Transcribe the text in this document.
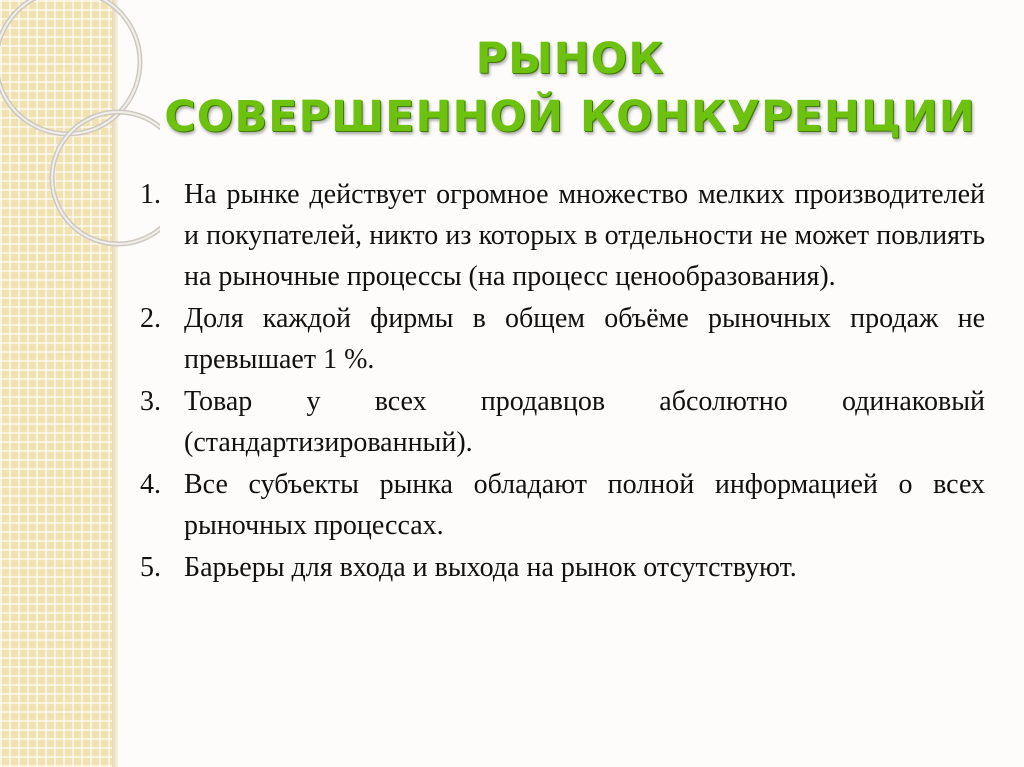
РЫНОК
СОВЕРШЕННОЙ КОНКУРЕНЦИИ
1. На рынке действует огромное множество мелких производителей и покупателей, никто из которых в отдельности не может повлиять на рыночные процессы (на процесс ценообразования).
2. Доля каждой фирмы в общем объёме рыночных продаж не превышает 1 %.
3. Товар у всех продавцов абсолютно одинаковый (стандартизированный).
4. Все субъекты рынка обладают полной информацией о всех рыночных процессах.
5. Барьеры для входа и выхода на рынок отсутствуют.
